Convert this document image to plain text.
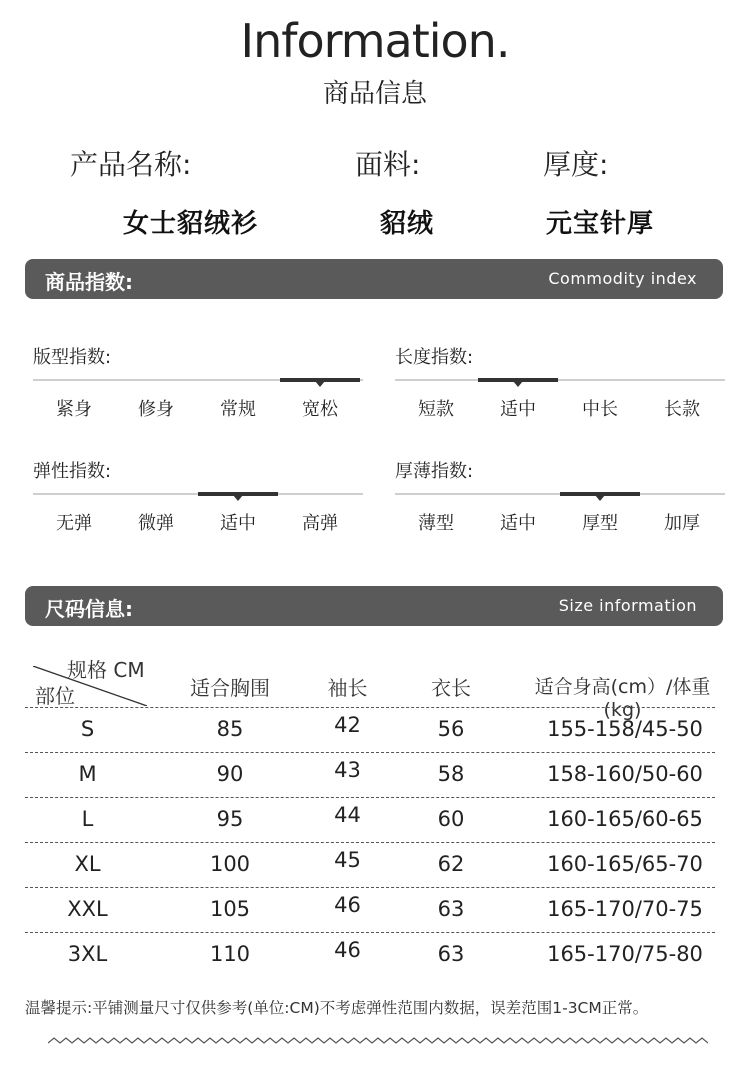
Information.
商品信息
产品名称:	面料:	厚度:
女士貂绒衫	貂绒	元宝针厚
商品指数:	Commodity index
版型指数:
紧身	修身	常规	宽松
长度指数:
短款	适中	中长	长款
弹性指数:
无弹	微弹	适中	高弹
厚薄指数:
薄型	适中	厚型	加厚
尺码信息:	Size information
规格 CM
部位	适合胸围	袖长	衣长	适合身高(cm）/体重(kg)
S	85	42	56	155-158/45-50
M	90	43	58	158-160/50-60
L	95	44	60	160-165/60-65
XL	100	45	62	160-165/65-70
XXL	105	46	63	165-170/70-75
3XL	110	46	63	165-170/75-80
温馨提示:平铺测量尺寸仅供参考(单位:CM)不考虑弹性范围内数据，误差范围1-3CM正常。
